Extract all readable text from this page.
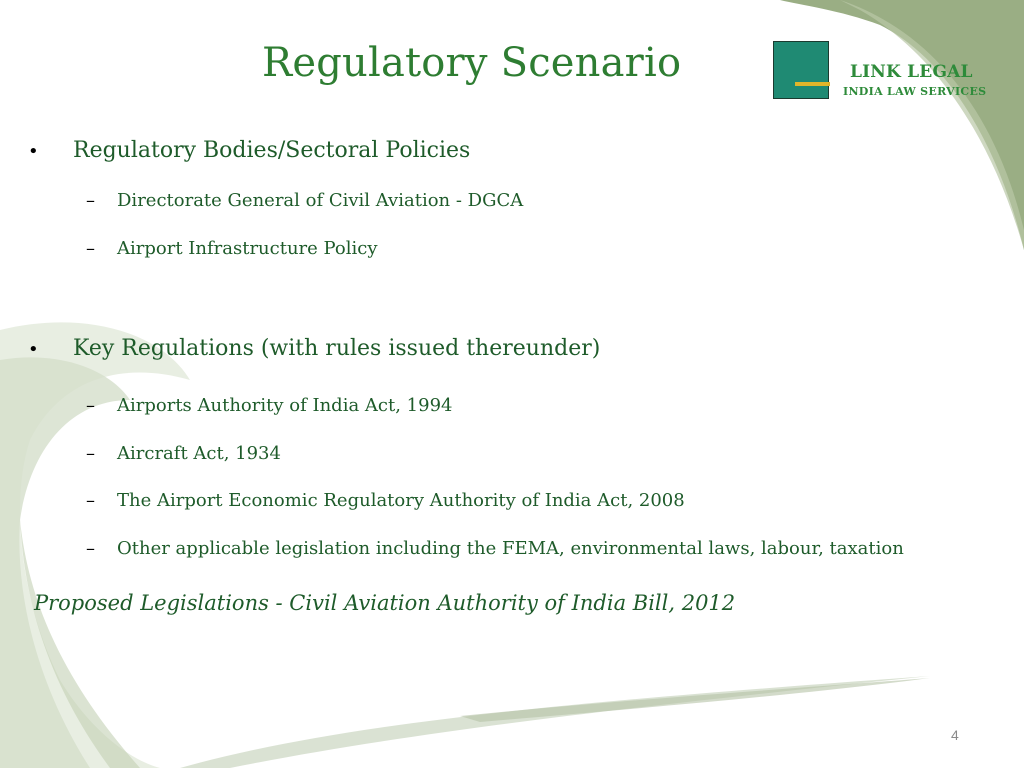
Regulatory Scenario	LINK LEGAL
INDIA LAW SERVICES
•	Regulatory Bodies/Sectoral Policies
–	Directorate General of Civil Aviation - DGCA
–	Airport Infrastructure Policy
•	Key Regulations (with rules issued thereunder)
–	Airports Authority of India Act, 1994
–	Aircraft Act, 1934
–	The Airport Economic Regulatory Authority of India Act, 2008
–	Other applicable legislation including the FEMA, environmental laws, labour, taxation
Proposed Legislations - Civil Aviation Authority of India Bill, 2012
4
